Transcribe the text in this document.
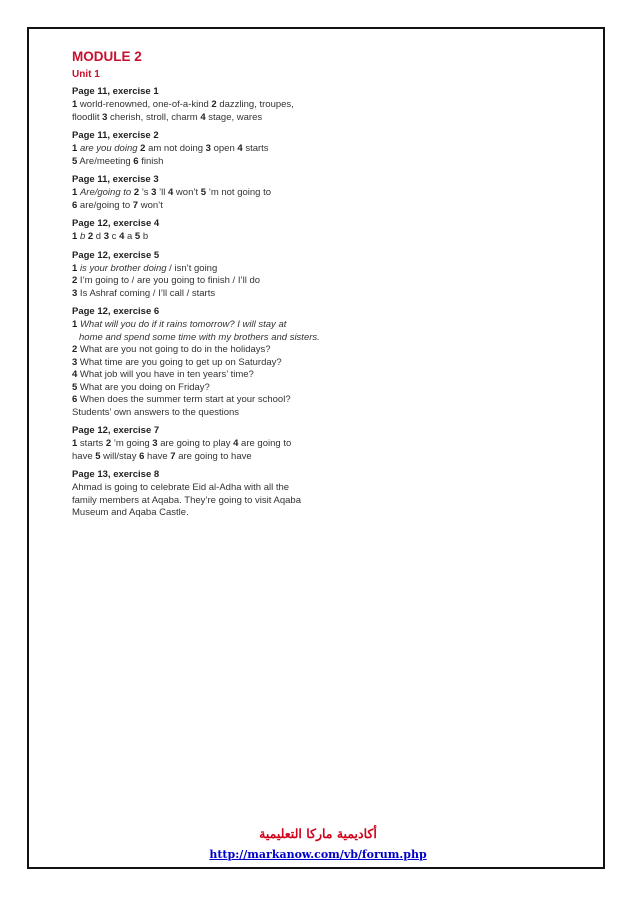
MODULE 2
Unit 1
Page 11, exercise 1
1 world-renowned, one-of-a-kind 2 dazzling, troupes,
floodlit 3 cherish, stroll, charm 4 stage, wares
Page 11, exercise 2
1 are you doing 2 am not doing 3 open 4 starts
5 Are/meeting 6 finish
Page 11, exercise 3
1 Are/going to 2 ’s 3 ’ll 4 won’t 5 ’m not going to
6 are/going to 7 won’t
Page 12, exercise 4
1 b 2 d 3 c 4 a 5 b
Page 12, exercise 5
1 is your brother doing / isn’t going
2 I’m going to / are you going to finish / I’ll do
3 Is Ashraf coming / I’ll call / starts
Page 12, exercise 6
1 What will you do if it rains tomorrow? I will stay at
home and spend some time with my brothers and sisters.
2 What are you not going to do in the holidays?
3 What time are you going to get up on Saturday?
4 What job will you have in ten years’ time?
5 What are you doing on Friday?
6 When does the summer term start at your school?
Students’ own answers to the questions
Page 12, exercise 7
1 starts 2 ’m going 3 are going to play 4 are going to
have 5 will/stay 6 have 7 are going to have
Page 13, exercise 8
Ahmad is going to celebrate Eid al-Adha with all the
family members at Aqaba. They’re going to visit Aqaba
Museum and Aqaba Castle.
أكاديمية ماركا التعليمية
http://markanow.com/vb/forum.php
